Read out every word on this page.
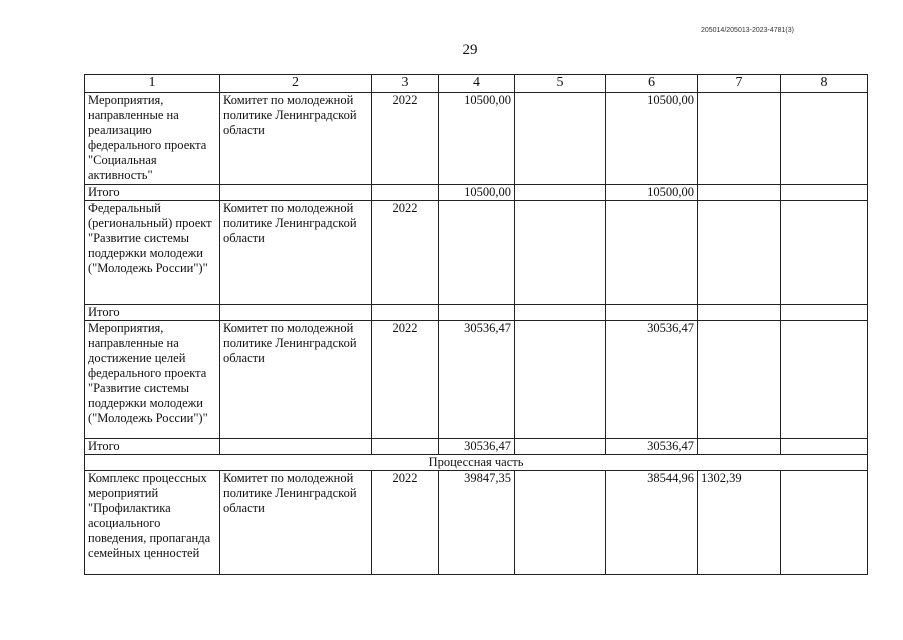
205014/205013-2023-4781(3)
29
1	2	3	4	5	6	7	8
Мероприятия, направленные на реализацию федерального проекта "Социальная активность"	Комитет по молодежной политике Ленинградской области	2022	10500,00		10500,00		
Итого			10500,00		10500,00		
Федеральный (региональный) проект "Развитие системы поддержки молодежи ("Молодежь России")"	Комитет по молодежной политике Ленинградской области	2022					
Итого							
Мероприятия, направленные на достижение целей федерального проекта "Развитие системы поддержки молодежи ("Молодежь России")"	Комитет по молодежной политике Ленинградской области	2022	30536,47		30536,47		
Итого			30536,47		30536,47		
Процессная часть							
Комплекс процессных мероприятий "Профилактика асоциального поведения, пропаганда семейных ценностей	Комитет по молодежной политике Ленинградской области	2022	39847,35		38544,96	1302,39	
